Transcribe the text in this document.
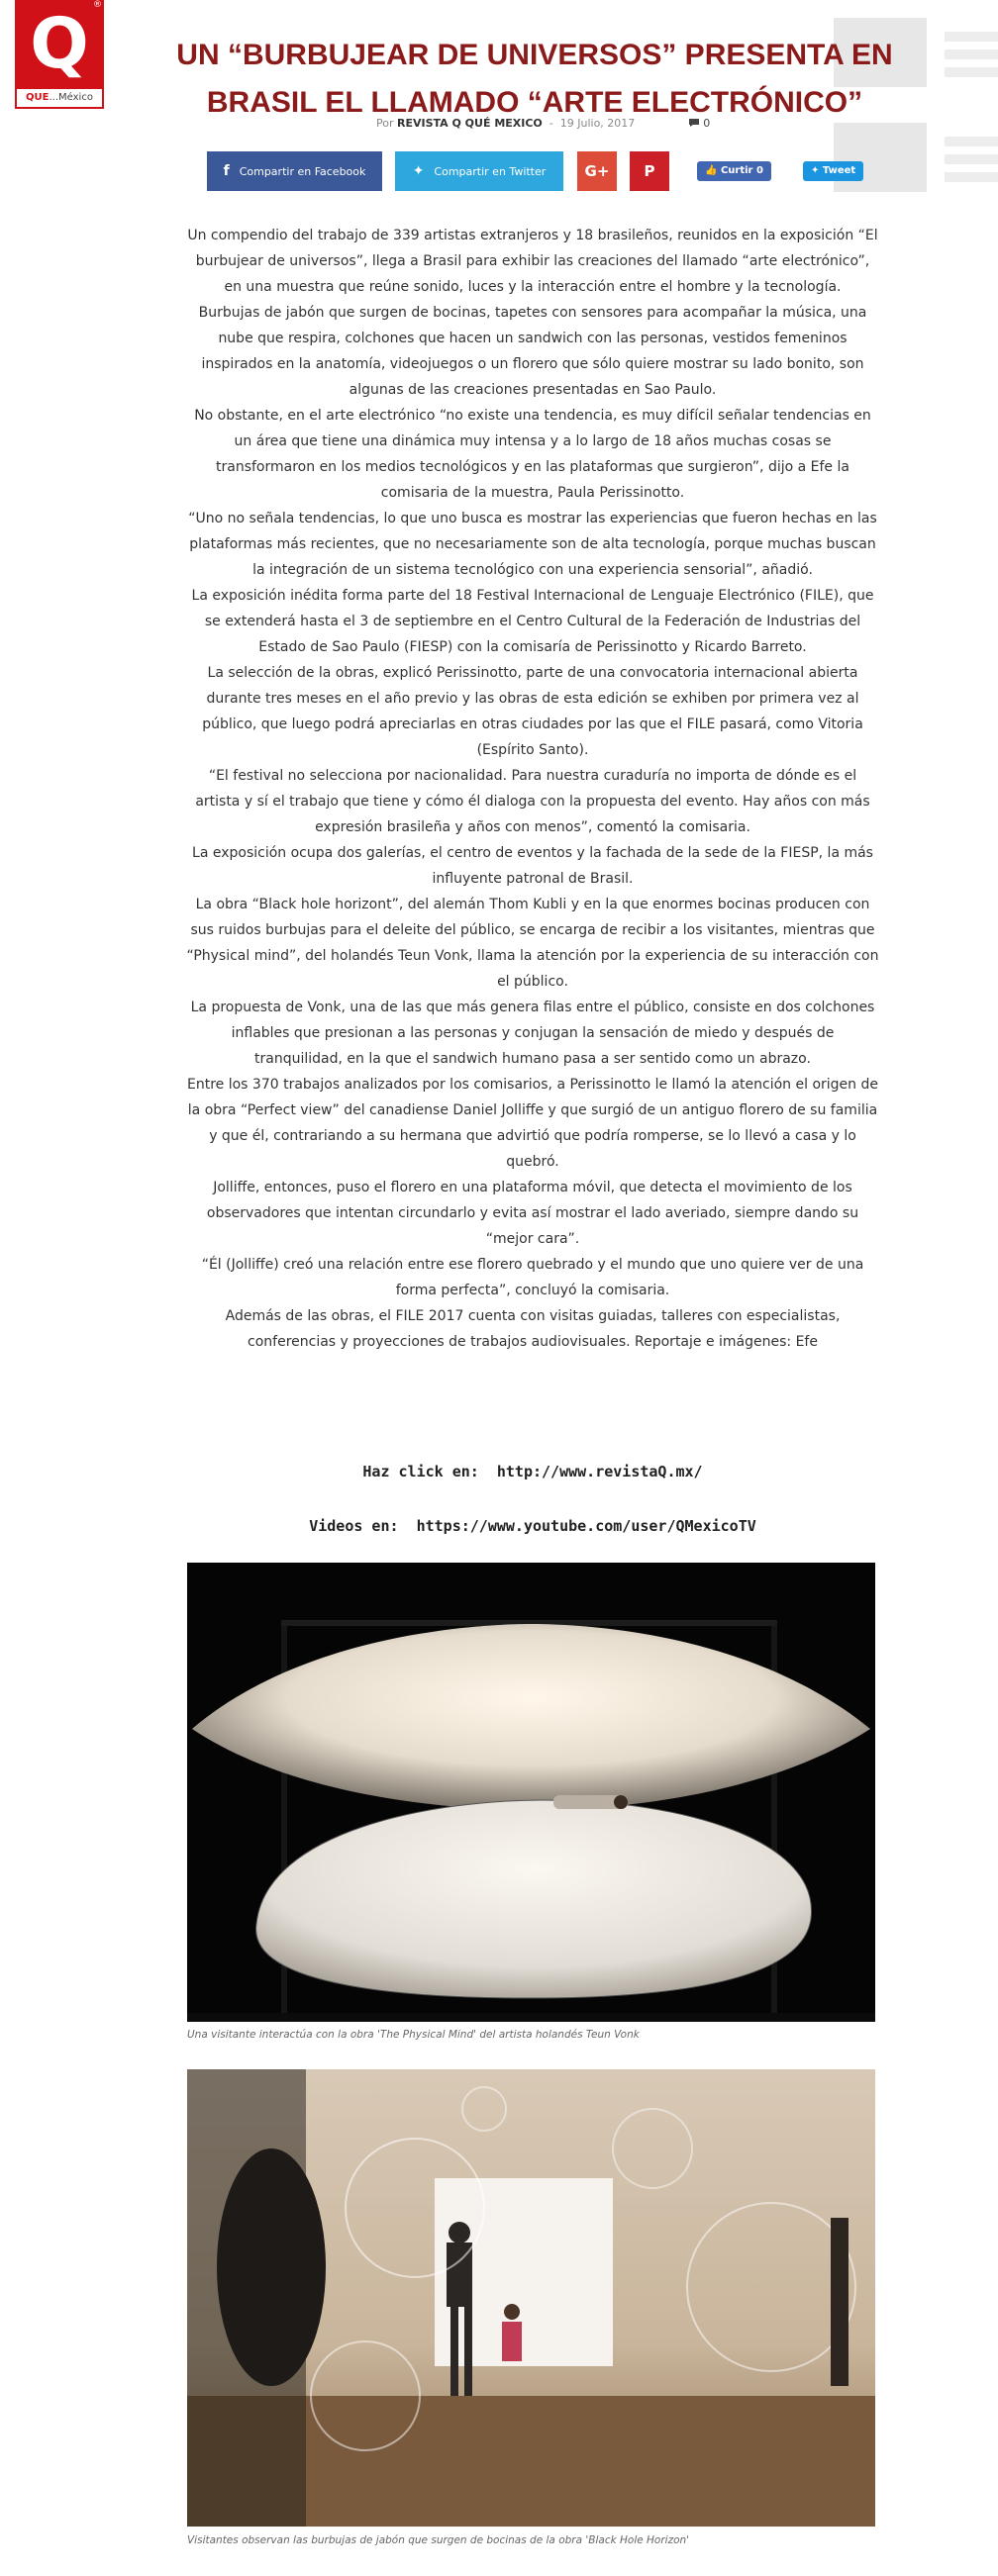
®
Q
QUE...México
UN “BURBUJEAR DE UNIVERSOS” PRESENTA EN BRASIL EL LLAMADO “ARTE ELECTRÓNICO”
Por REVISTA Q QUÉ MEXICO  -  19 Julio, 2017	0
f Compartir en Facebook	✦ Compartir en Twitter	G+	P	👍 Curtir 0	✦ Tweet

Un compendio del trabajo de 339 artistas extranjeros y 18 brasileños, reunidos en la exposición “El burbujear de universos”, llega a Brasil para exhibir las creaciones del llamado “arte electrónico”, en una muestra que reúne sonido, luces y la interacción entre el hombre y la tecnología.

Burbujas de jabón que surgen de bocinas, tapetes con sensores para acompañar la música, una nube que respira, colchones que hacen un sandwich con las personas, vestidos femeninos inspirados en la anatomía, videojuegos o un florero que sólo quiere mostrar su lado bonito, son algunas de las creaciones presentadas en Sao Paulo.

No obstante, en el arte electrónico “no existe una tendencia, es muy difícil señalar tendencias en un área que tiene una dinámica muy intensa y a lo largo de 18 años muchas cosas se transformaron en los medios tecnológicos y en las plataformas que surgieron”, dijo a Efe la comisaria de la muestra, Paula Perissinotto.

“Uno no señala tendencias, lo que uno busca es mostrar las experiencias que fueron hechas en las plataformas más recientes, que no necesariamente son de alta tecnología, porque muchas buscan la integración de un sistema tecnológico con una experiencia sensorial”, añadió.

La exposición inédita forma parte del 18 Festival Internacional de Lenguaje Electrónico (FILE), que se extenderá hasta el 3 de septiembre en el Centro Cultural de la Federación de Industrias del Estado de Sao Paulo (FIESP) con la comisaría de Perissinotto y Ricardo Barreto.

La selección de la obras, explicó Perissinotto, parte de una convocatoria internacional abierta durante tres meses en el año previo y las obras de esta edición se exhiben por primera vez al público, que luego podrá apreciarlas en otras ciudades por las que el FILE pasará, como Vitoria (Espírito Santo).

“El festival no selecciona por nacionalidad. Para nuestra curaduría no importa de dónde es el artista y sí el trabajo que tiene y cómo él dialoga con la propuesta del evento. Hay años con más expresión brasileña y años con menos”, comentó la comisaria.

La exposición ocupa dos galerías, el centro de eventos y la fachada de la sede de la FIESP, la más influyente patronal de Brasil.

La obra “Black hole horizont”, del alemán Thom Kubli y en la que enormes bocinas producen con sus ruidos burbujas para el deleite del público, se encarga de recibir a los visitantes, mientras que “Physical mind”, del holandés Teun Vonk, llama la atención por la experiencia de su interacción con el público.

La propuesta de Vonk, una de las que más genera filas entre el público, consiste en dos colchones inflables que presionan a las personas y conjugan la sensación de miedo y después de tranquilidad, en la que el sandwich humano pasa a ser sentido como un abrazo.

Entre los 370 trabajos analizados por los comisarios, a Perissinotto le llamó la atención el origen de la obra “Perfect view” del canadiense Daniel Jolliffe y que surgió de un antiguo florero de su familia y que él, contrariando a su hermana que advirtió que podría romperse, se lo llevó a casa y lo quebró.

Jolliffe, entonces, puso el florero en una plataforma móvil, que detecta el movimiento de los observadores que intentan circundarlo y evita así mostrar el lado averiado, siempre dando su “mejor cara”.

“Él (Jolliffe) creó una relación entre ese florero quebrado y el mundo que uno quiere ver de una forma perfecta”, concluyó la comisaria.

Además de las obras, el FILE 2017 cuenta con visitas guiadas, talleres con especialistas, conferencias y proyecciones de trabajos audiovisuales. Reportaje e imágenes: Efe

Haz click en: http://www.revistaQ.mx/
Videos en: https://www.youtube.com/user/QMexicoTV
Una visitante interactúa con la obra 'The Physical Mind' del artista holandés Teun Vonk
Visitantes observan las burbujas de jabón que surgen de bocinas de la obra 'Black Hole Horizon'
